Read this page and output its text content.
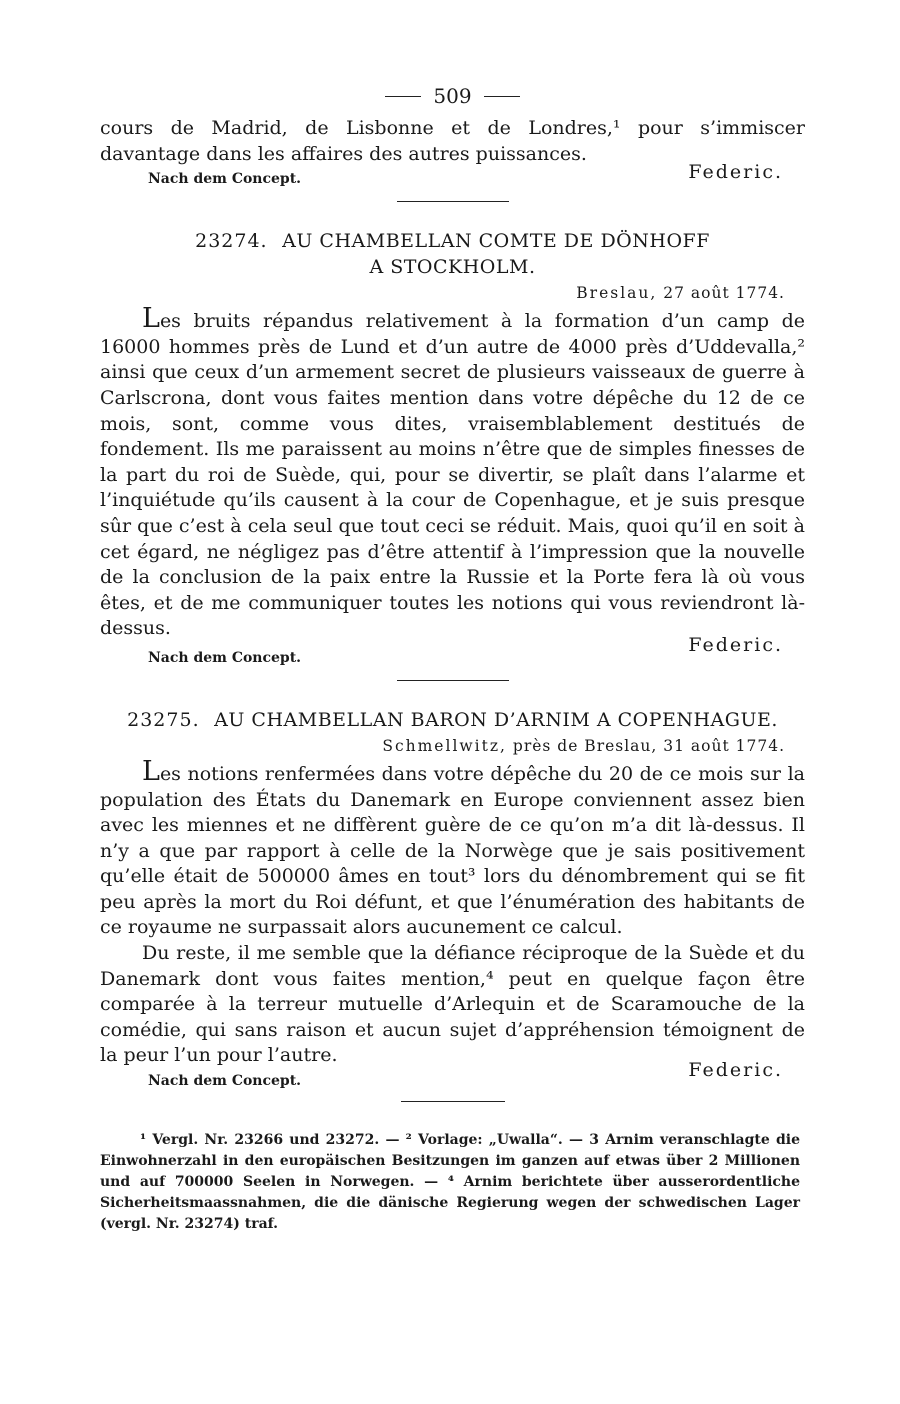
509

cours de Madrid, de Lisbonne et de Londres,¹ pour s’immiscer davantage dans les affaires des autres puissances.

Nach dem Concept.	Federic.

23274. AU CHAMBELLAN COMTE DE DÖNHOFF

A STOCKHOLM.

Breslau, 27 août 1774.

Les bruits répandus relativement à la formation d’un camp de 16000 hommes près de Lund et d’un autre de 4000 près d’Uddevalla,² ainsi que ceux d’un armement secret de plusieurs vaisseaux de guerre à Carlscrona, dont vous faites mention dans votre dépêche du 12 de ce mois, sont, comme vous dites, vraisemblablement destitués de fondement. Ils me paraissent au moins n’être que de simples finesses de la part du roi de Suède, qui, pour se divertir, se plaît dans l’alarme et l’inquiétude qu’ils causent à la cour de Copenhague, et je suis presque sûr que c’est à cela seul que tout ceci se réduit. Mais, quoi qu’il en soit à cet égard, ne négligez pas d’être attentif à l’impression que la nouvelle de la conclusion de la paix entre la Russie et la Porte fera là où vous êtes, et de me communiquer toutes les notions qui vous reviendront là-dessus.

Nach dem Concept.

Federic.

23275. AU CHAMBELLAN BARON D’ARNIM A COPENHAGUE.

Schmellwitz, près de Breslau, 31 août 1774.

Les notions renfermées dans votre dépêche du 20 de ce mois sur la population des États du Danemark en Europe conviennent assez bien avec les miennes et ne diffèrent guère de ce qu’on m’a dit là-dessus. Il n’y a que par rapport à celle de la Norwège que je sais positivement qu’elle était de 500000 âmes en tout³ lors du dénombrement qui se fit peu après la mort du Roi défunt, et que l’énumération des habitants de ce royaume ne surpassait alors aucunement ce calcul.

Du reste, il me semble que la défiance réciproque de la Suède et du Danemark dont vous faites mention,⁴ peut en quelque façon être comparée à la terreur mutuelle d’Arlequin et de Scaramouche de la comédie, qui sans raison et aucun sujet d’appréhension témoignent de la peur l’un pour l’autre.

Nach dem Concept.	Federic.

¹ Vergl. Nr. 23266 und 23272. — ² Vorlage: „Uwalla“. — 3 Arnim veranschlagte die Einwohnerzahl in den europäischen Besitzungen im ganzen auf etwas über 2 Millionen und auf 700000 Seelen in Norwegen. — ⁴ Arnim berichtete über ausserordentliche Sicherheitsmaassnahmen, die die dänische Regierung wegen der schwedischen Lager (vergl. Nr. 23274) traf.
